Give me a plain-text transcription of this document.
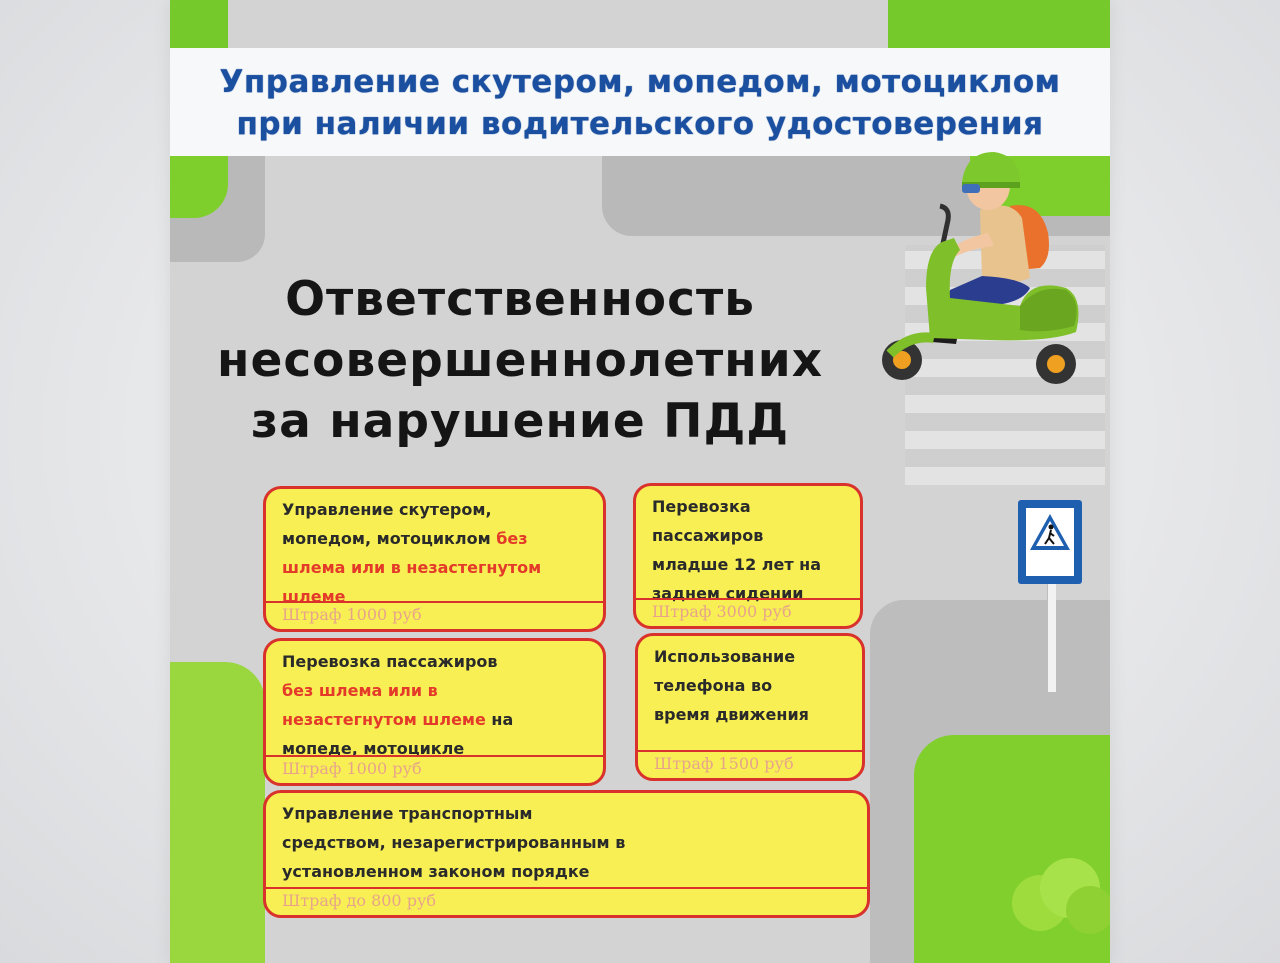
Управление скутером, мопедом, мотоциклом
при наличии водительского удостоверения
Ответственность
несовершеннолетних
за нарушение ПДД
Управление скутером,
мопедом, мотоциклом без
шлема или в незастегнутом
шлеме
Штраф 1000 руб
Перевозка
пассажиров
младше 12 лет на
заднем сидении
Штраф 3000 руб
Перевозка пассажиров
без шлема или в
незастегнутом шлеме на
мопеде, мотоцикле
Штраф 1000 руб
Использование
телефона во
время движения
Штраф 1500 руб
Управление транспортным
средством, незарегистрированным в
установленном законом порядке
Штраф до 800 руб
